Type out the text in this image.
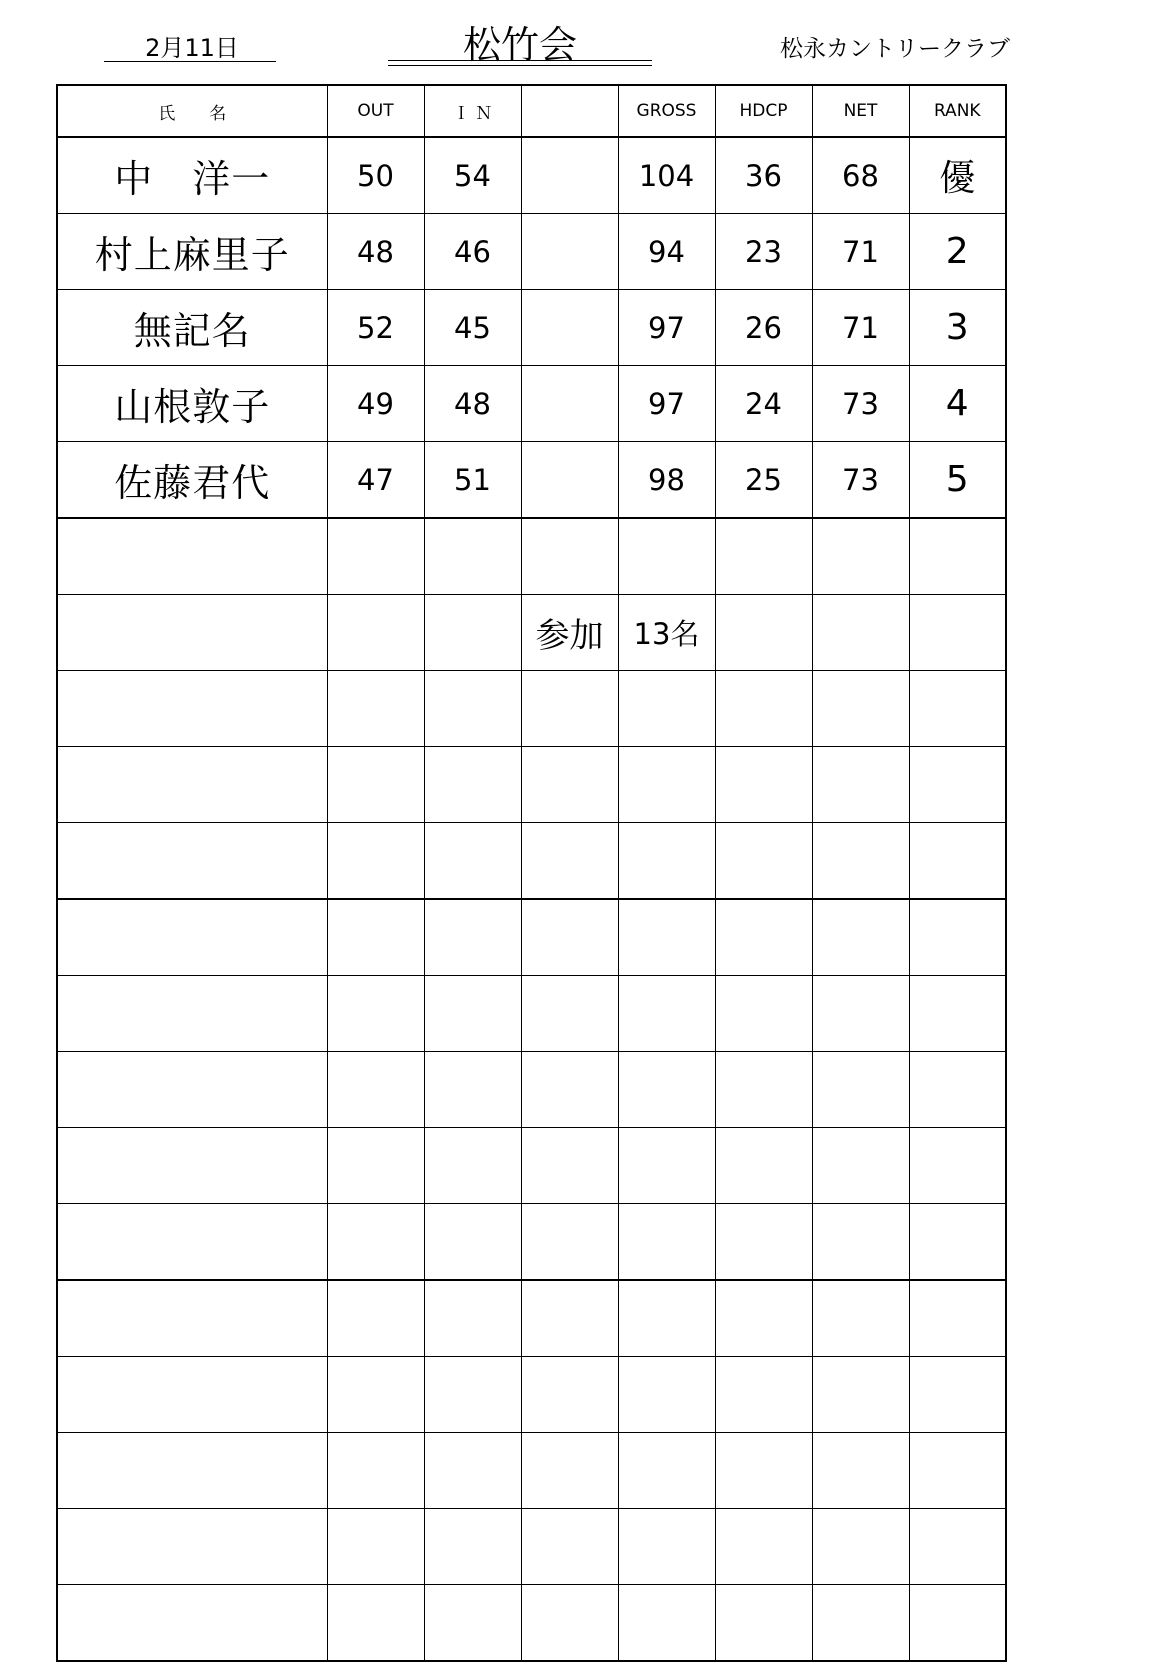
2月11日	松竹会	松永カントリークラブ
氏　　名	OUT	Ｉ Ｎ		GROSS	HDCP	NET	RANK
中　洋一	50	54		104	36	68	優
村上麻里子	48	46		94	23	71	2
無記名	52	45		97	26	71	3
山根敦子	49	48		97	24	73	4
佐藤君代	47	51		98	25	73	5

			参加	13名			
